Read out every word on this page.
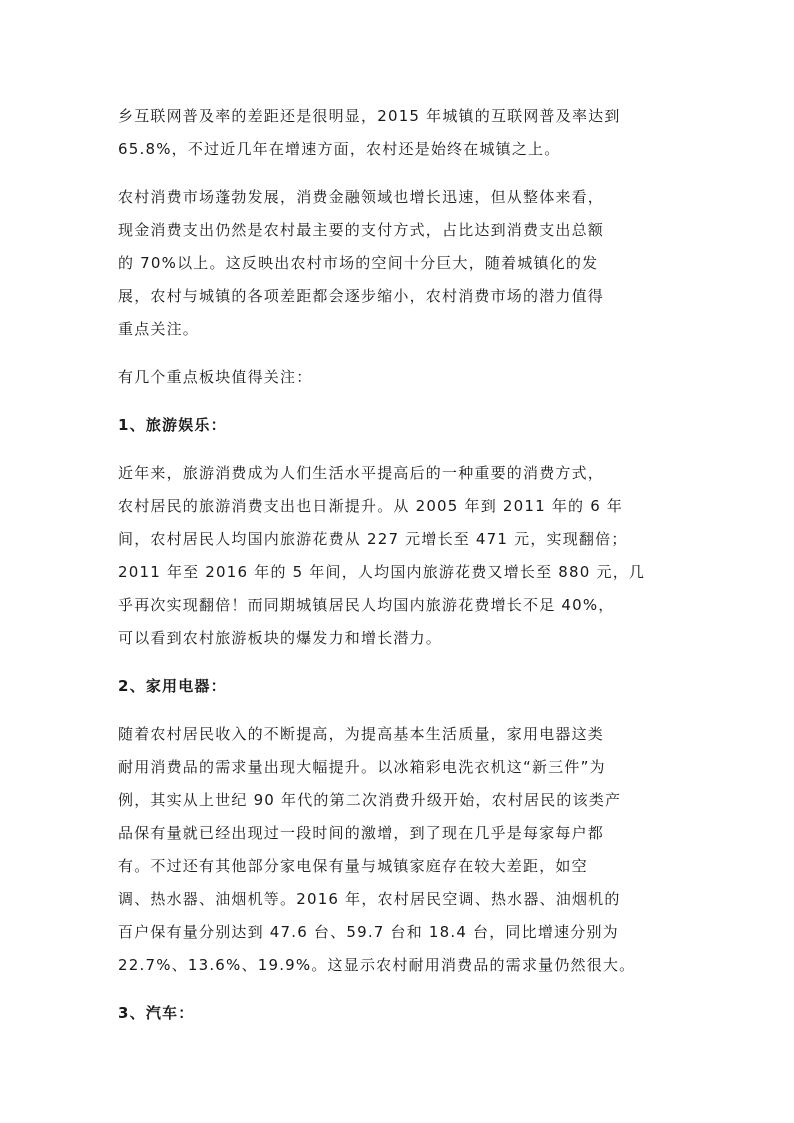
乡互联网普及率的差距还是很明显，2015 年城镇的互联网普及率达到
65.8%，不过近几年在增速方面，农村还是始终在城镇之上。
农村消费市场蓬勃发展，消费金融领域也增长迅速，但从整体来看，
现金消费支出仍然是农村最主要的支付方式，占比达到消费支出总额
的 70%以上。这反映出农村市场的空间十分巨大，随着城镇化的发
展，农村与城镇的各项差距都会逐步缩小，农村消费市场的潜力值得
重点关注。
有几个重点板块值得关注：
1、旅游娱乐：
近年来，旅游消费成为人们生活水平提高后的一种重要的消费方式，
农村居民的旅游消费支出也日渐提升。从 2005 年到 2011 年的 6 年
间，农村居民人均国内旅游花费从 227 元增长至 471 元，实现翻倍；
2011 年至 2016 年的 5 年间，人均国内旅游花费又增长至 880 元，几
乎再次实现翻倍！而同期城镇居民人均国内旅游花费增长不足 40%，
可以看到农村旅游板块的爆发力和增长潜力。
2、家用电器：
随着农村居民收入的不断提高，为提高基本生活质量，家用电器这类
耐用消费品的需求量出现大幅提升。以冰箱彩电洗衣机这“新三件”为
例，其实从上世纪 90 年代的第二次消费升级开始，农村居民的该类产
品保有量就已经出现过一段时间的激增，到了现在几乎是每家每户都
有。不过还有其他部分家电保有量与城镇家庭存在较大差距，如空
调、热水器、油烟机等。2016 年，农村居民空调、热水器、油烟机的
百户保有量分别达到 47.6 台、59.7 台和 18.4 台，同比增速分别为
22.7%、13.6%、19.9%。这显示农村耐用消费品的需求量仍然很大。
3、汽车：
